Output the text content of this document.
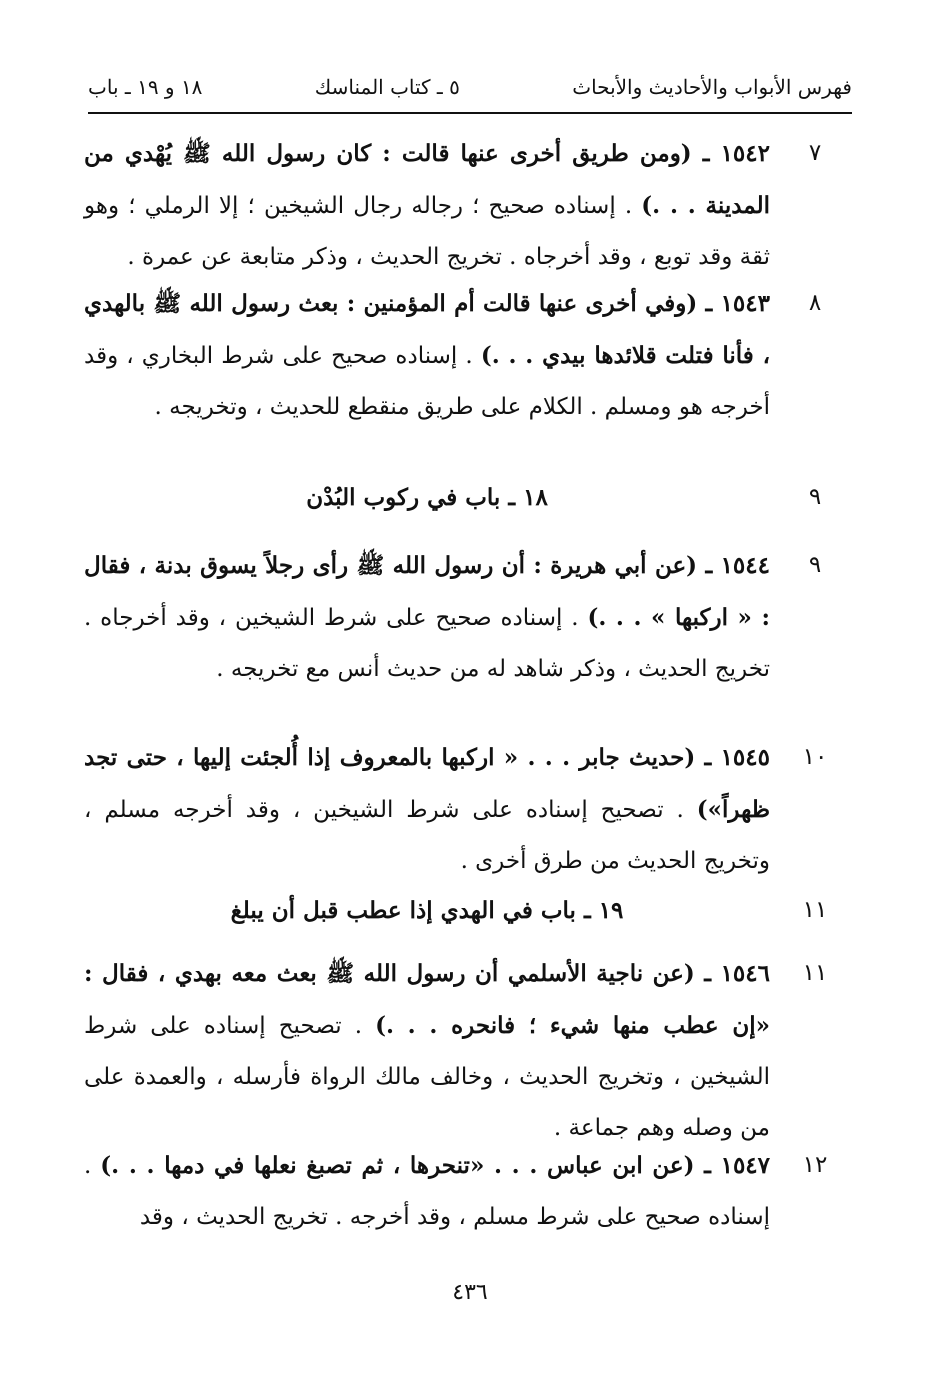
فهرس الأبواب والأحاديث والأبحاث
٥ ـ كتاب المناسك
١٨ و ١٩ ـ باب
٧
١٥٤٢ ـ (ومن طريق أخرى عنها قالت : كان رسول الله ﷺ يُهْدي من المدينة . . .) . إسناده صحيح ؛ رجاله رجال الشيخين ؛ إلا الرملي ؛ وهو ثقة وقد توبع ، وقد أخرجاه . تخريج الحديث ، وذكر متابعة عن عمرة .
٨
١٥٤٣ ـ (وفي أخرى عنها قالت أم المؤمنين : بعث رسول الله ﷺ بالهدي ، فأنا فتلت قلائدها بيدي . . .) . إسناده صحيح على شرط البخاري ، وقد أخرجه هو ومسلم . الكلام على طريق منقطع للحديث ، وتخريجه .
٩
١٨ ـ باب في ركوب البُدْن
٩
١٥٤٤ ـ (عن أبي هريرة : أن رسول الله ﷺ رأى رجلاً يسوق بدنة ، فقال : « اركبها » . . .) . إسناده صحيح على شرط الشيخين ، وقد أخرجاه . تخريج الحديث ، وذكر شاهد له من حديث أنس مع تخريجه .
١٠
١٥٤٥ ـ (حديث جابر . . . « اركبها بالمعروف إذا أُلجئت إليها ، حتى تجد ظهراً») . تصحيح إسناده على شرط الشيخين ، وقد أخرجه مسلم ، وتخريج الحديث من طرق أخرى .
١١
١٩ ـ باب في الهدي إذا عطب قبل أن يبلغ
١١
١٥٤٦ ـ (عن ناجية الأسلمي أن رسول الله ﷺ بعث معه بهدي ، فقال : «إن عطب منها شيء ؛ فانحره . . .) . تصحيح إسناده على شرط الشيخين ، وتخريج الحديث ، وخالف مالك الرواة فأرسله ، والعمدة على من وصله وهم جماعة .
١٢
١٥٤٧ ـ (عن ابن عباس . . . «تنحرها ، ثم تصبغ نعلها في دمها . . .) . إسناده صحيح على شرط مسلم ، وقد أخرجه . تخريج الحديث ، وقد
٤٣٦
